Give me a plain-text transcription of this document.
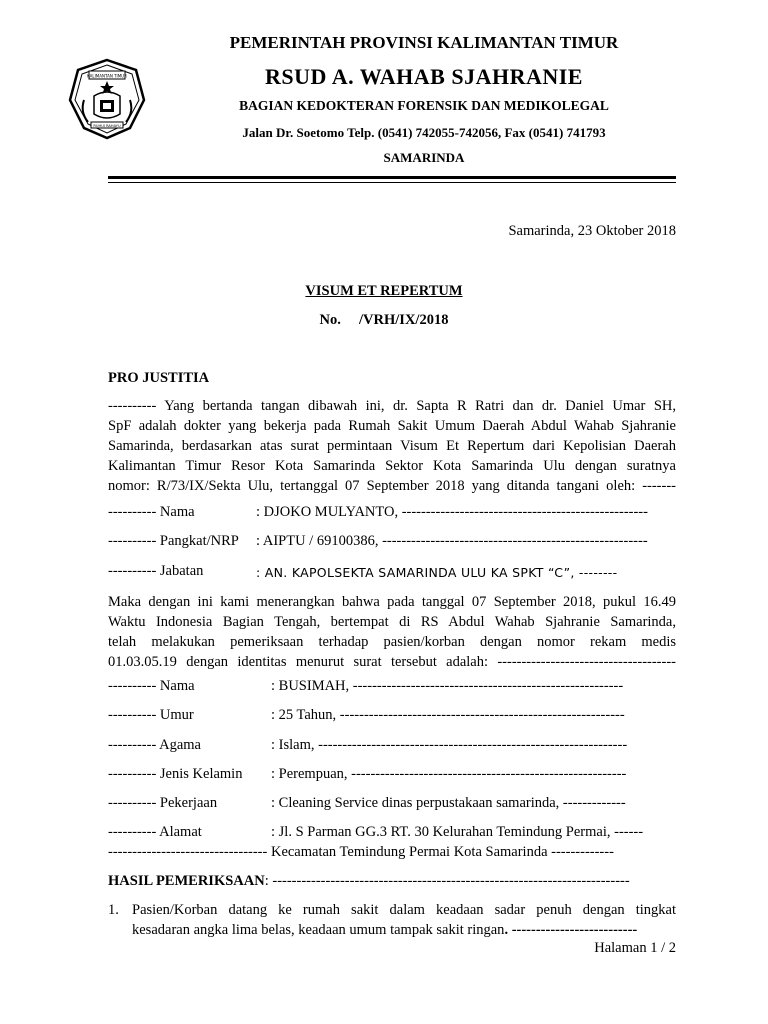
KALIMANTAN TIMUR
RUHUI RAHAYU
PEMERINTAH PROVINSI KALIMANTAN TIMUR
RSUD A. WAHAB SJAHRANIE
BAGIAN KEDOKTERAN FORENSIK DAN MEDIKOLEGAL
Jalan Dr. Soetomo Telp. (0541) 742055-742056, Fax (0541) 741793
SAMARINDA
Samarinda, 23 Oktober 2018
VISUM ET REPERTUM
No.     /VRH/IX/2018
PRO JUSTITIA
---------- Yang bertanda tangan dibawah ini, dr. Sapta R Ratri dan dr. Daniel Umar SH,
SpF adalah dokter yang bekerja pada Rumah Sakit Umum Daerah Abdul Wahab Sjahranie
Samarinda, berdasarkan atas surat permintaan Visum Et Repertum dari Kepolisian Daerah
Kalimantan Timur Resor Kota Samarinda Sektor Kota Samarinda Ulu dengan suratnya
nomor: R/73/IX/Sekta Ulu, tertanggal 07 September 2018 yang ditanda tangani oleh: -------
---------- Nama	: DJOKO MULYANTO, ---------------------------------------------------
---------- Pangkat/NRP : AIPTU / 69100386, -------------------------------------------------------
---------- Jabatan	: AN. KAPOLSEKTA SAMARINDA ULU KA SPKT “C”, --------
Maka dengan ini kami menerangkan bahwa pada tanggal 07 September 2018, pukul 16.49
Waktu Indonesia Bagian Tengah, bertempat di RS Abdul Wahab Sjahranie Samarinda,
telah melakukan pemeriksaan terhadap pasien/korban dengan nomor rekam medis
01.03.05.19 dengan identitas menurut surat tersebut adalah: -------------------------------------
---------- Nama	: BUSIMAH, --------------------------------------------------------
---------- Umur	: 25 Tahun, -----------------------------------------------------------
---------- Agama	: Islam, ----------------------------------------------------------------
---------- Jenis Kelamin : Perempuan, ---------------------------------------------------------
---------- Pekerjaan	: Cleaning Service dinas perpustakaan samarinda, -------------
---------- Alamat	: Jl. S Parman GG.3 RT. 30 Kelurahan Temindung Permai, ------
--------------------------------- Kecamatan Temindung Permai Kota Samarinda -------------
HASIL PEMERIKSAAN: --------------------------------------------------------------------------
1. Pasien/Korban datang ke rumah sakit dalam keadaan sadar penuh dengan tingkat
kesadaran angka lima belas, keadaan umum tampak sakit ringan. --------------------------
Halaman 1 / 2
